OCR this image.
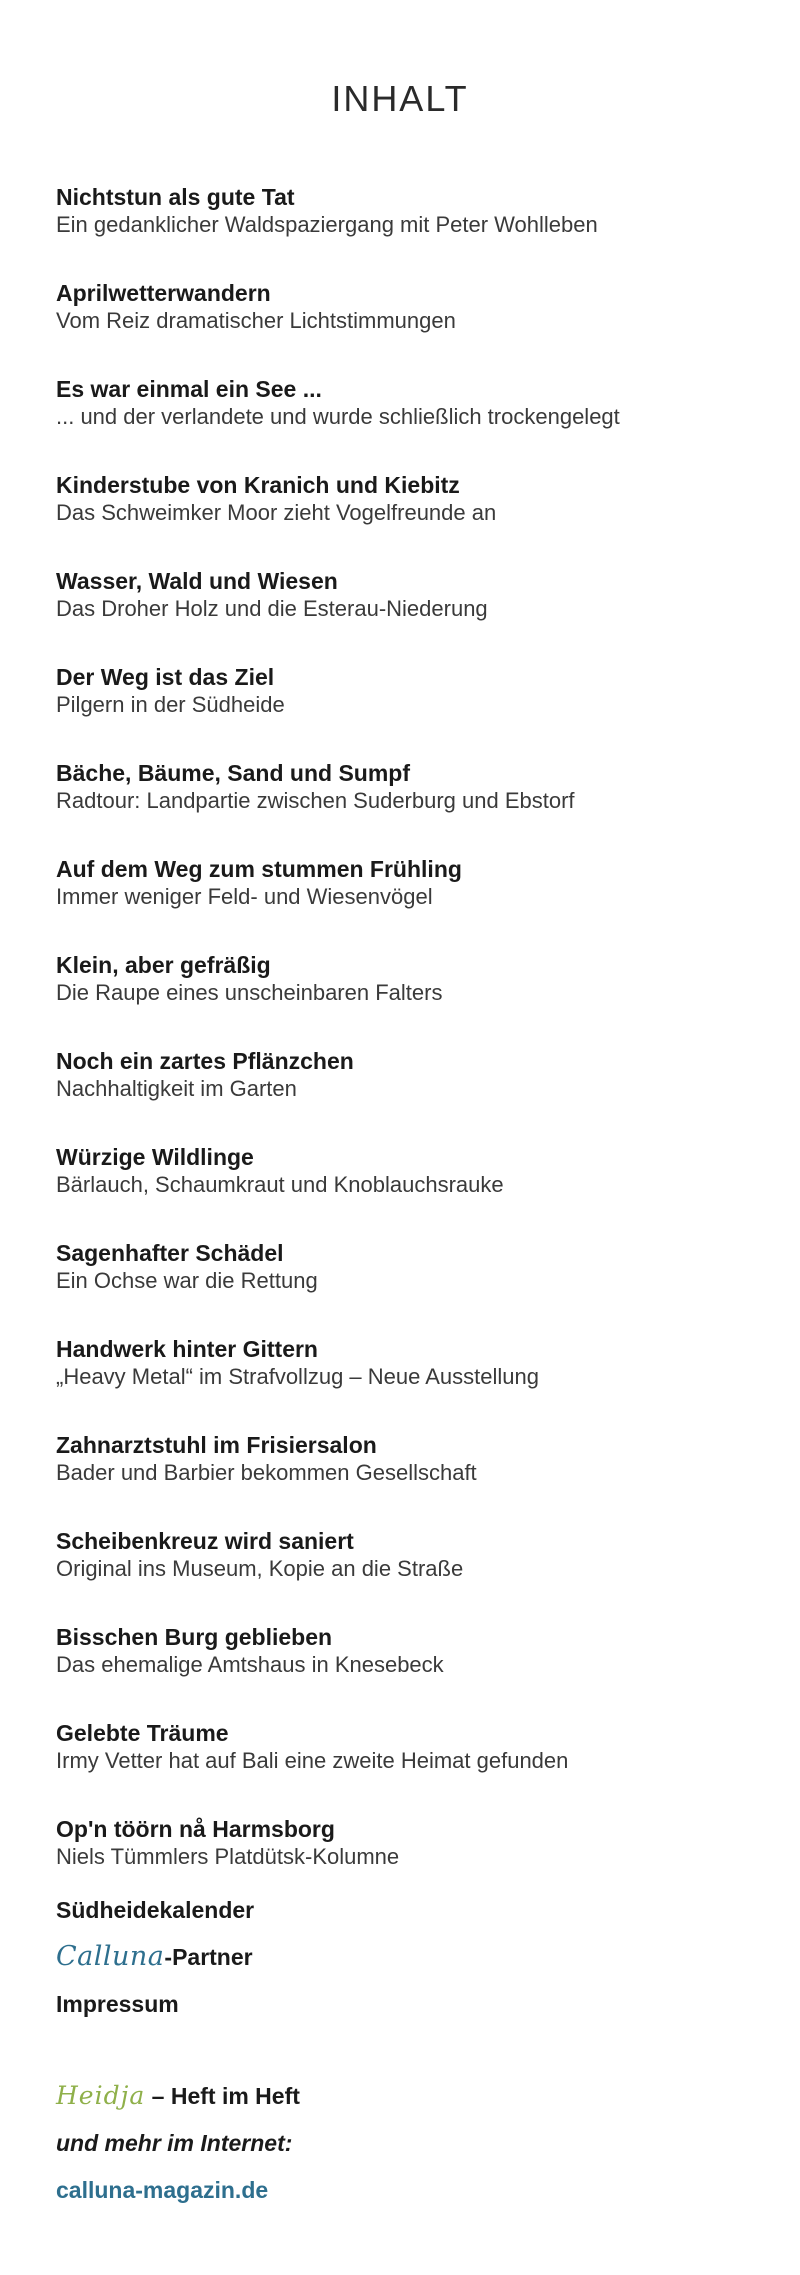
INHALT
Nichtstun als gute Tat
Ein gedanklicher Waldspaziergang mit Peter Wohlleben
Aprilwetterwandern
Vom Reiz dramatischer Lichtstimmungen
Es war einmal ein See ...
... und der verlandete und wurde schließlich trockengelegt
Kinderstube von Kranich und Kiebitz
Das Schweimker Moor zieht Vogelfreunde an
Wasser, Wald und Wiesen
Das Droher Holz und die Esterau-Niederung
Der Weg ist das Ziel
Pilgern in der Südheide
Bäche, Bäume, Sand und Sumpf
Radtour: Landpartie zwischen Suderburg und Ebstorf
Auf dem Weg zum stummen Frühling
Immer weniger Feld- und Wiesenvögel
Klein, aber gefräßig
Die Raupe eines unscheinbaren Falters
Noch ein zartes Pflänzchen
Nachhaltigkeit im Garten
Würzige Wildlinge
Bärlauch, Schaumkraut und Knoblauchsrauke
Sagenhafter Schädel
Ein Ochse war die Rettung
Handwerk hinter Gittern
„Heavy Metal“ im Strafvollzug – Neue Ausstellung
Zahnarztstuhl im Frisiersalon
Bader und Barbier bekommen Gesellschaft
Scheibenkreuz wird saniert
Original ins Museum, Kopie an die Straße
Bisschen Burg geblieben
Das ehemalige Amtshaus in Knesebeck
Gelebte Träume
Irmy Vetter hat auf Bali eine zweite Heimat gefunden
Op'n töörn nå Harmsborg
Niels Tümmlers Platdütsk-Kolumne
Südheidekalender
Calluna-Partner
Impressum
Heidja – Heft im Heft
und mehr im Internet:
calluna-magazin.de
